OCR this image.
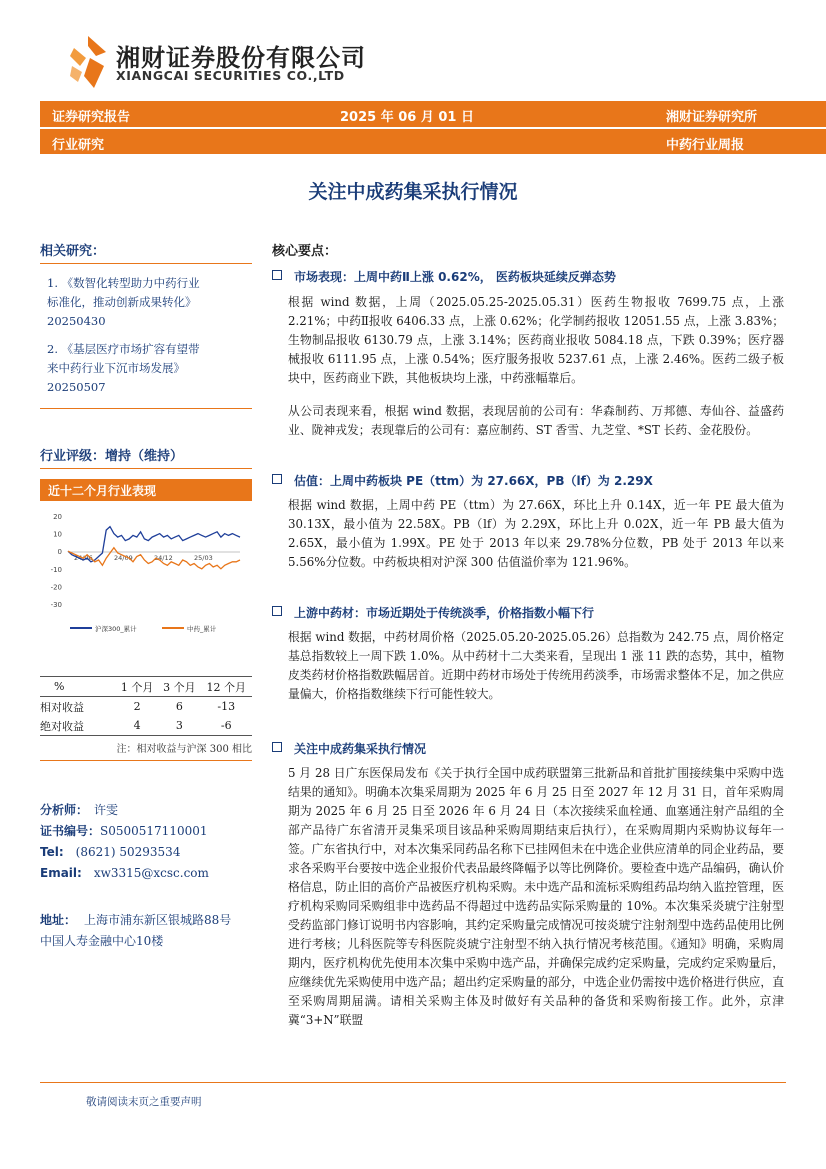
湘财证券股份有限公司
XIANGCAI SECURITIES CO.,LTD
证券研究报告	2025 年 06 月 01 日	湘财证券研究所
行业研究	中药行业周报
关注中成药集采执行情况
相关研究：
1. 《数智化转型助力中药行业
标准化，推动创新成果转化》
20250430
2. 《基层医疗市场扩容有望带
来中药行业下沉市场发展》
20250507
行业评级：增持（维持）
近十二个月行业表现
20
10
0
-10
-20
-30
24/06	24/09	24/12	25/03
沪深300_累计	中药_累计
%	1 个月	3 个月	12 个月
相对收益	2	6	-13
绝对收益	4	3	-6
注：相对收益与沪深 300 相比
分析师： 许雯
证书编号：S0500517110001
Tel: (8621) 50293534
Email: xw3315@xcsc.com
地址： 上海市浦东新区银城路88号
中国人寿金融中心10楼
核心要点：
市场表现：上周中药Ⅱ上涨 0.62%， 医药板块延续反弹态势
根据 wind 数据，上周（2025.05.25-2025.05.31）医药生物报收 7699.75 点，上涨 2.21%；中药Ⅱ报收 6406.33 点，上涨 0.62%；化学制药报收 12051.55 点，上涨 3.83%；生物制品报收 6130.79 点，上涨 3.14%；医药商业报收 5084.18 点，下跌 0.39%；医疗器械报收 6111.95 点，上涨 0.54%；医疗服务报收 5237.61 点，上涨 2.46%。医药二级子板块中，医药商业下跌，其他板块均上涨，中药涨幅靠后。
从公司表现来看，根据 wind 数据，表现居前的公司有：华森制药、万邦德、寿仙谷、益盛药业、陇神戎发；表现靠后的公司有：嘉应制药、ST 香雪、九芝堂、*ST 长药、金花股份。
估值：上周中药板块 PE（ttm）为 27.66X，PB（lf）为 2.29X
根据 wind 数据，上周中药 PE（ttm）为 27.66X，环比上升 0.14X，近一年 PE 最大值为 30.13X，最小值为 22.58X。PB（lf）为 2.29X，环比上升 0.02X，近一年 PB 最大值为 2.65X，最小值为 1.99X。PE 处于 2013 年以来 29.78%分位数，PB 处于 2013 年以来 5.56%分位数。中药板块相对沪深 300 估值溢价率为 121.96%。
上游中药材：市场近期处于传统淡季，价格指数小幅下行
根据 wind 数据，中药材周价格（2025.05.20-2025.05.26）总指数为 242.75 点，周价格定基总指数较上一周下跌 1.0%。从中药材十二大类来看，呈现出 1 涨 11 跌的态势，其中，植物皮类药材价格指数跌幅居首。近期中药材市场处于传统用药淡季，市场需求整体不足，加之供应量偏大，价格指数继续下行可能性较大。
关注中成药集采执行情况
5 月 28 日广东医保局发布《关于执行全国中成药联盟第三批新品和首批扩围接续集中采购中选结果的通知》。明确本次集采周期为 2025 年 6 月 25 日至 2027 年 12 月 31 日，首年采购周期为 2025 年 6 月 25 日至 2026 年 6 月 24 日（本次接续采血栓通、血塞通注射产品组的全部产品待广东省清开灵集采项目该品种采购周期结束后执行），在采购周期内采购协议每年一签。广东省执行中，对本次集采同药品名称下已挂网但未在中选企业供应清单的同企业药品，要求各采购平台要按中选企业报价代表品最终降幅予以等比例降价。要检查中选产品编码，确认价格信息，防止旧的高价产品被医疗机构采购。未中选产品和流标采购组药品均纳入监控管理，医疗机构采购同采购组非中选药品不得超过中选药品实际采购量的 10%。本次集采炎琥宁注射型受药监部门修订说明书内容影响，其约定采购量完成情况可按炎琥宁注射剂型中选药品使用比例进行考核；儿科医院等专科医院炎琥宁注射型不纳入执行情况考核范围。《通知》明确，采购周期内，医疗机构优先使用本次集中采购中选产品，并确保完成约定采购量，完成约定采购量后，应继续优先采购使用中选产品；超出约定采购量的部分，中选企业仍需按中选价格进行供应，直至采购周期届满。请相关采购主体及时做好有关品种的备货和采购衔接工作。此外，京津冀“3+N”联盟
敬请阅读末页之重要声明
